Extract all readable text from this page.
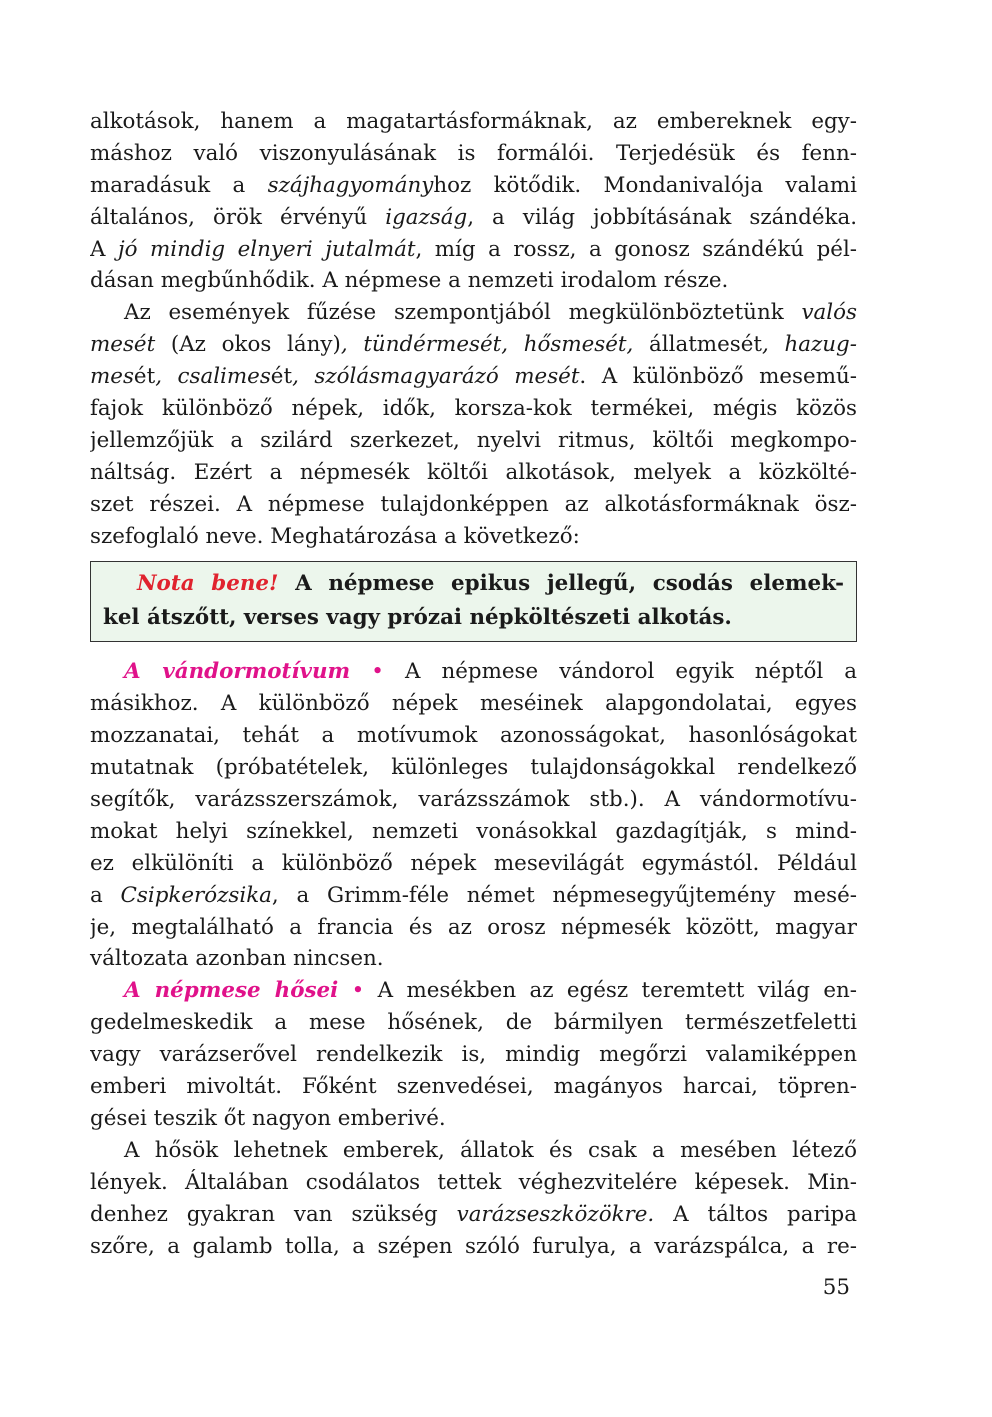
alkotások, hanem a magatartásformáknak, az embereknek egy-
máshoz való viszonyulásának is formálói. Terjedésük és fenn-
maradásuk a szájhagyományhoz kötődik. Mondanivalója valami
általános, örök érvényű igazság, a világ jobbításának szándéka.
A jó mindig elnyeri jutalmát, míg a rossz, a gonosz szándékú pél-
dásan megbűnhődik. A népmese a nemzeti irodalom része.
Az események fűzése szempontjából megkülönböztetünk valós
mesét (Az okos lány), tündérmesét, hősmesét, állatmesét, hazug-
mesét, csalimesét, szólásmagyarázó mesét. A különböző mesemű-
fajok különböző népek, idők, korsza-kok termékei, mégis közös
jellemzőjük a szilárd szerkezet, nyelvi ritmus, költői megkompo-
náltság. Ezért a népmesék költői alkotások, melyek a közkölté-
szet részei. A népmese tulajdonképpen az alkotásformáknak ösz-
szefoglaló neve. Meghatározása a következő:
Nota bene! A népmese epikus jellegű, csodás elemek-
kel átszőtt, verses vagy prózai népköltészeti alkotás.
A vándormotívum • A népmese vándorol egyik néptől a
másikhoz. A különböző népek meséinek alapgondolatai, egyes
mozzanatai, tehát a motívumok azonosságokat, hasonlóságokat
mutatnak (próbatételek, különleges tulajdonságokkal rendelkező
segítők, varázsszerszámok, varázsszámok stb.). A vándormotívu-
mokat helyi színekkel, nemzeti vonásokkal gazdagítják, s mind-
ez elkülöníti a különböző népek mesevilágát egymástól. Például
a Csipkerózsika, a Grimm-féle német népmesegyűjtemény mesé-
je, megtalálható a francia és az orosz népmesék között, magyar
változata azonban nincsen.
A népmese hősei • A mesékben az egész teremtett világ en-
gedelmeskedik a mese hősének, de bármilyen természetfeletti
vagy varázserővel rendelkezik is, mindig megőrzi valamiképpen
emberi mivoltát. Főként szenvedései, magányos harcai, töpren-
gései teszik őt nagyon emberivé.
A hősök lehetnek emberek, állatok és csak a mesében létező
lények. Általában csodálatos tettek véghezvitelére képesek. Min-
denhez gyakran van szükség varázseszközökre. A táltos paripa
szőre, a galamb tolla, a szépen szóló furulya, a varázspálca, a re-
55
